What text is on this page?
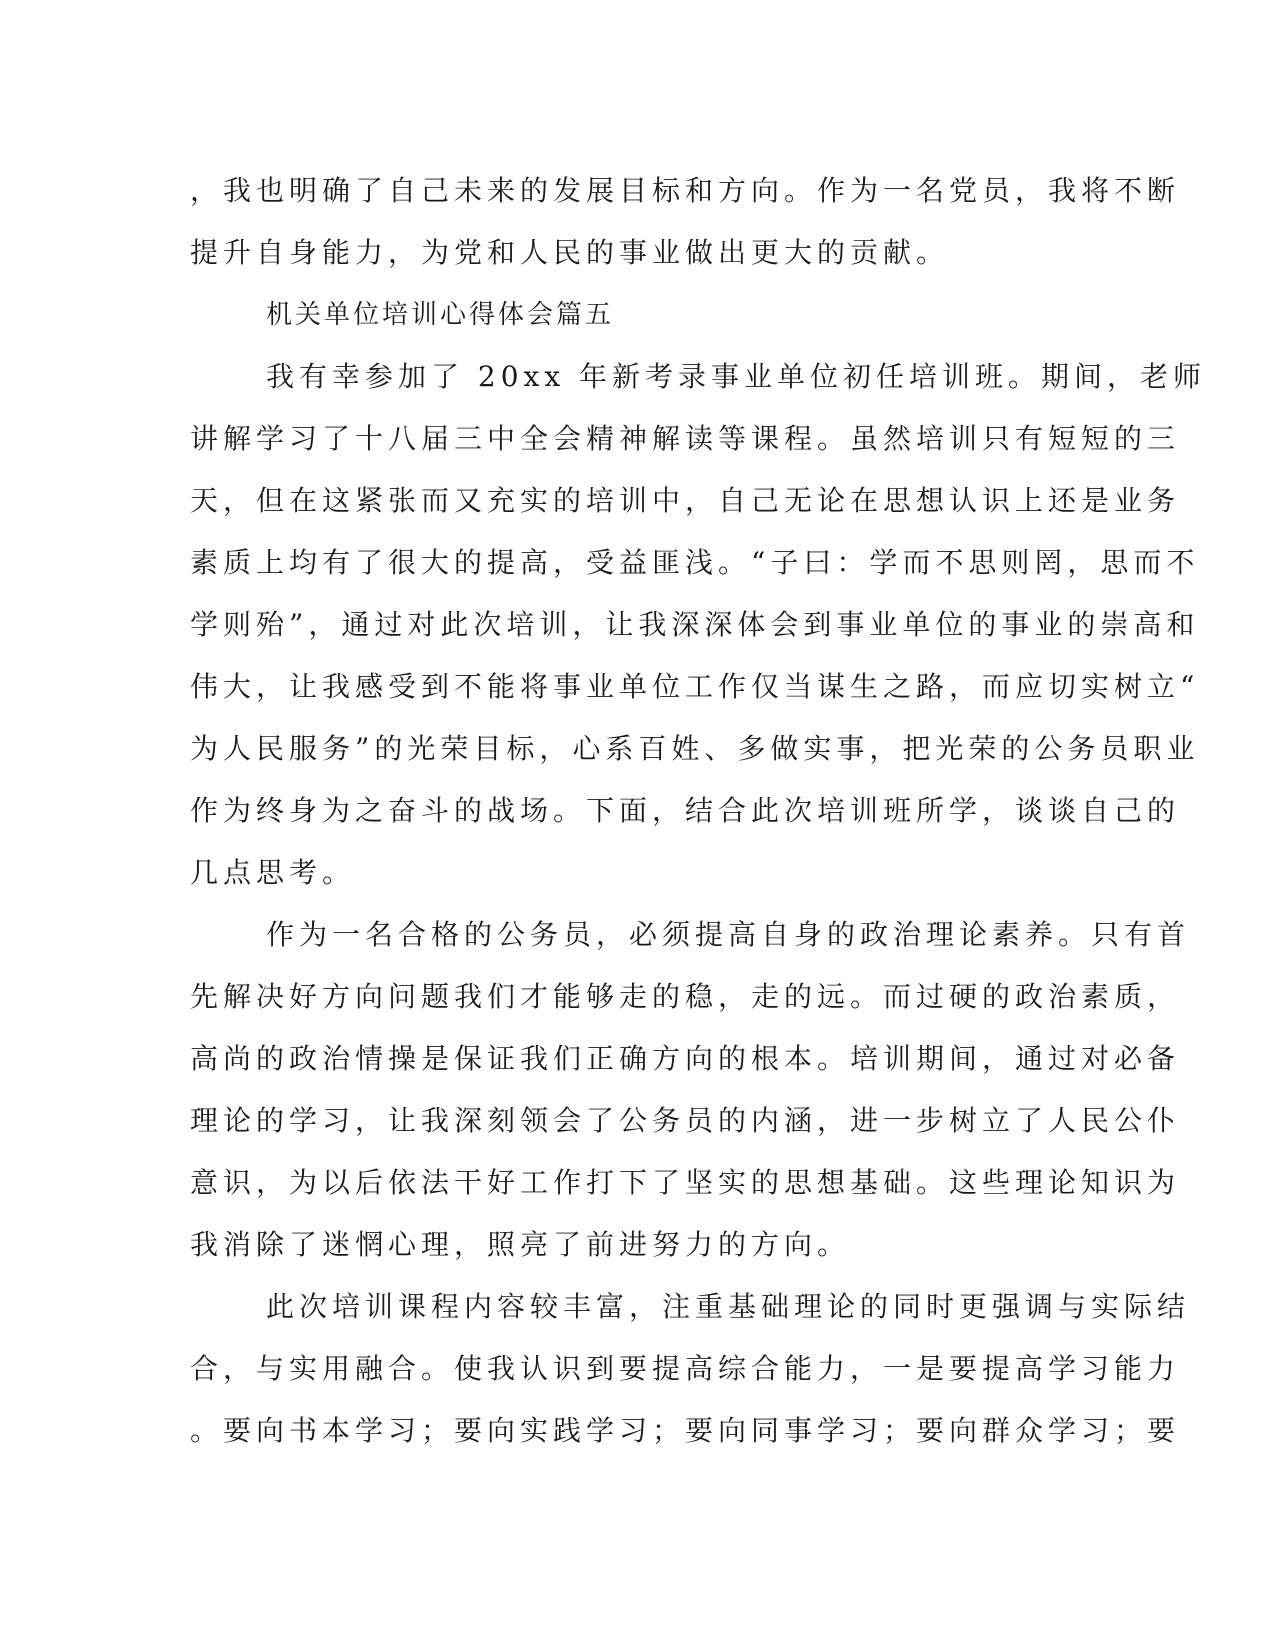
，我也明确了自己未来的发展目标和方向。作为一名党员，我将不断
提升自身能力，为党和人民的事业做出更大的贡献。
机关单位培训心得体会篇五
我有幸参加了 20xx 年新考录事业单位初任培训班。期间，老师
讲解学习了十八届三中全会精神解读等课程。虽然培训只有短短的三
天，但在这紧张而又充实的培训中，自己无论在思想认识上还是业务
素质上均有了很大的提高，受益匪浅。“子曰：学而不思则罔，思而不
学则殆”，通过对此次培训，让我深深体会到事业单位的事业的崇高和
伟大，让我感受到不能将事业单位工作仅当谋生之路，而应切实树立“
为人民服务”的光荣目标，心系百姓、多做实事，把光荣的公务员职业
作为终身为之奋斗的战场。下面，结合此次培训班所学，谈谈自己的
几点思考。
作为一名合格的公务员，必须提高自身的政治理论素养。只有首
先解决好方向问题我们才能够走的稳，走的远。而过硬的政治素质，
高尚的政治情操是保证我们正确方向的根本。培训期间，通过对必备
理论的学习，让我深刻领会了公务员的内涵，进一步树立了人民公仆
意识，为以后依法干好工作打下了坚实的思想基础。这些理论知识为
我消除了迷惘心理，照亮了前进努力的方向。
此次培训课程内容较丰富，注重基础理论的同时更强调与实际结
合，与实用融合。使我认识到要提高综合能力，一是要提高学习能力
。要向书本学习；要向实践学习；要向同事学习；要向群众学习；要
